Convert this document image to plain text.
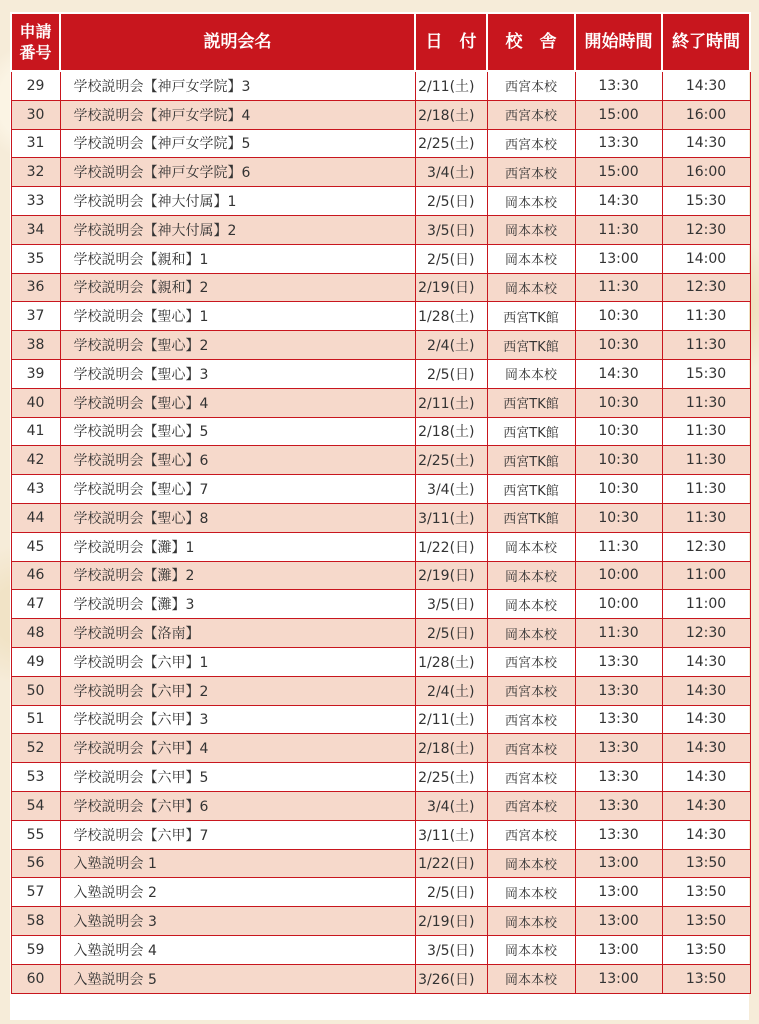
申請
番号	説明会名	日　付	校　舎	開始時間	終了時間
29	学校説明会【神戸女学院】3	2/11(土)	西宮本校	13:30	14:30
30	学校説明会【神戸女学院】4	2/18(土)	西宮本校	15:00	16:00
31	学校説明会【神戸女学院】5	2/25(土)	西宮本校	13:30	14:30
32	学校説明会【神戸女学院】6	3/4(土)	西宮本校	15:00	16:00
33	学校説明会【神大付属】1	2/5(日)	岡本本校	14:30	15:30
34	学校説明会【神大付属】2	3/5(日)	岡本本校	11:30	12:30
35	学校説明会【親和】1	2/5(日)	岡本本校	13:00	14:00
36	学校説明会【親和】2	2/19(日)	岡本本校	11:30	12:30
37	学校説明会【聖心】1	1/28(土)	西宮TK館	10:30	11:30
38	学校説明会【聖心】2	2/4(土)	西宮TK館	10:30	11:30
39	学校説明会【聖心】3	2/5(日)	岡本本校	14:30	15:30
40	学校説明会【聖心】4	2/11(土)	西宮TK館	10:30	11:30
41	学校説明会【聖心】5	2/18(土)	西宮TK館	10:30	11:30
42	学校説明会【聖心】6	2/25(土)	西宮TK館	10:30	11:30
43	学校説明会【聖心】7	3/4(土)	西宮TK館	10:30	11:30
44	学校説明会【聖心】8	3/11(土)	西宮TK館	10:30	11:30
45	学校説明会【灘】1	1/22(日)	岡本本校	11:30	12:30
46	学校説明会【灘】2	2/19(日)	岡本本校	10:00	11:00
47	学校説明会【灘】3	3/5(日)	岡本本校	10:00	11:00
48	学校説明会【洛南】	2/5(日)	岡本本校	11:30	12:30
49	学校説明会【六甲】1	1/28(土)	西宮本校	13:30	14:30
50	学校説明会【六甲】2	2/4(土)	西宮本校	13:30	14:30
51	学校説明会【六甲】3	2/11(土)	西宮本校	13:30	14:30
52	学校説明会【六甲】4	2/18(土)	西宮本校	13:30	14:30
53	学校説明会【六甲】5	2/25(土)	西宮本校	13:30	14:30
54	学校説明会【六甲】6	3/4(土)	西宮本校	13:30	14:30
55	学校説明会【六甲】7	3/11(土)	西宮本校	13:30	14:30
56	入塾説明会 1	1/22(日)	岡本本校	13:00	13:50
57	入塾説明会 2	2/5(日)	岡本本校	13:00	13:50
58	入塾説明会 3	2/19(日)	岡本本校	13:00	13:50
59	入塾説明会 4	3/5(日)	岡本本校	13:00	13:50
60	入塾説明会 5	3/26(日)	岡本本校	13:00	13:50
